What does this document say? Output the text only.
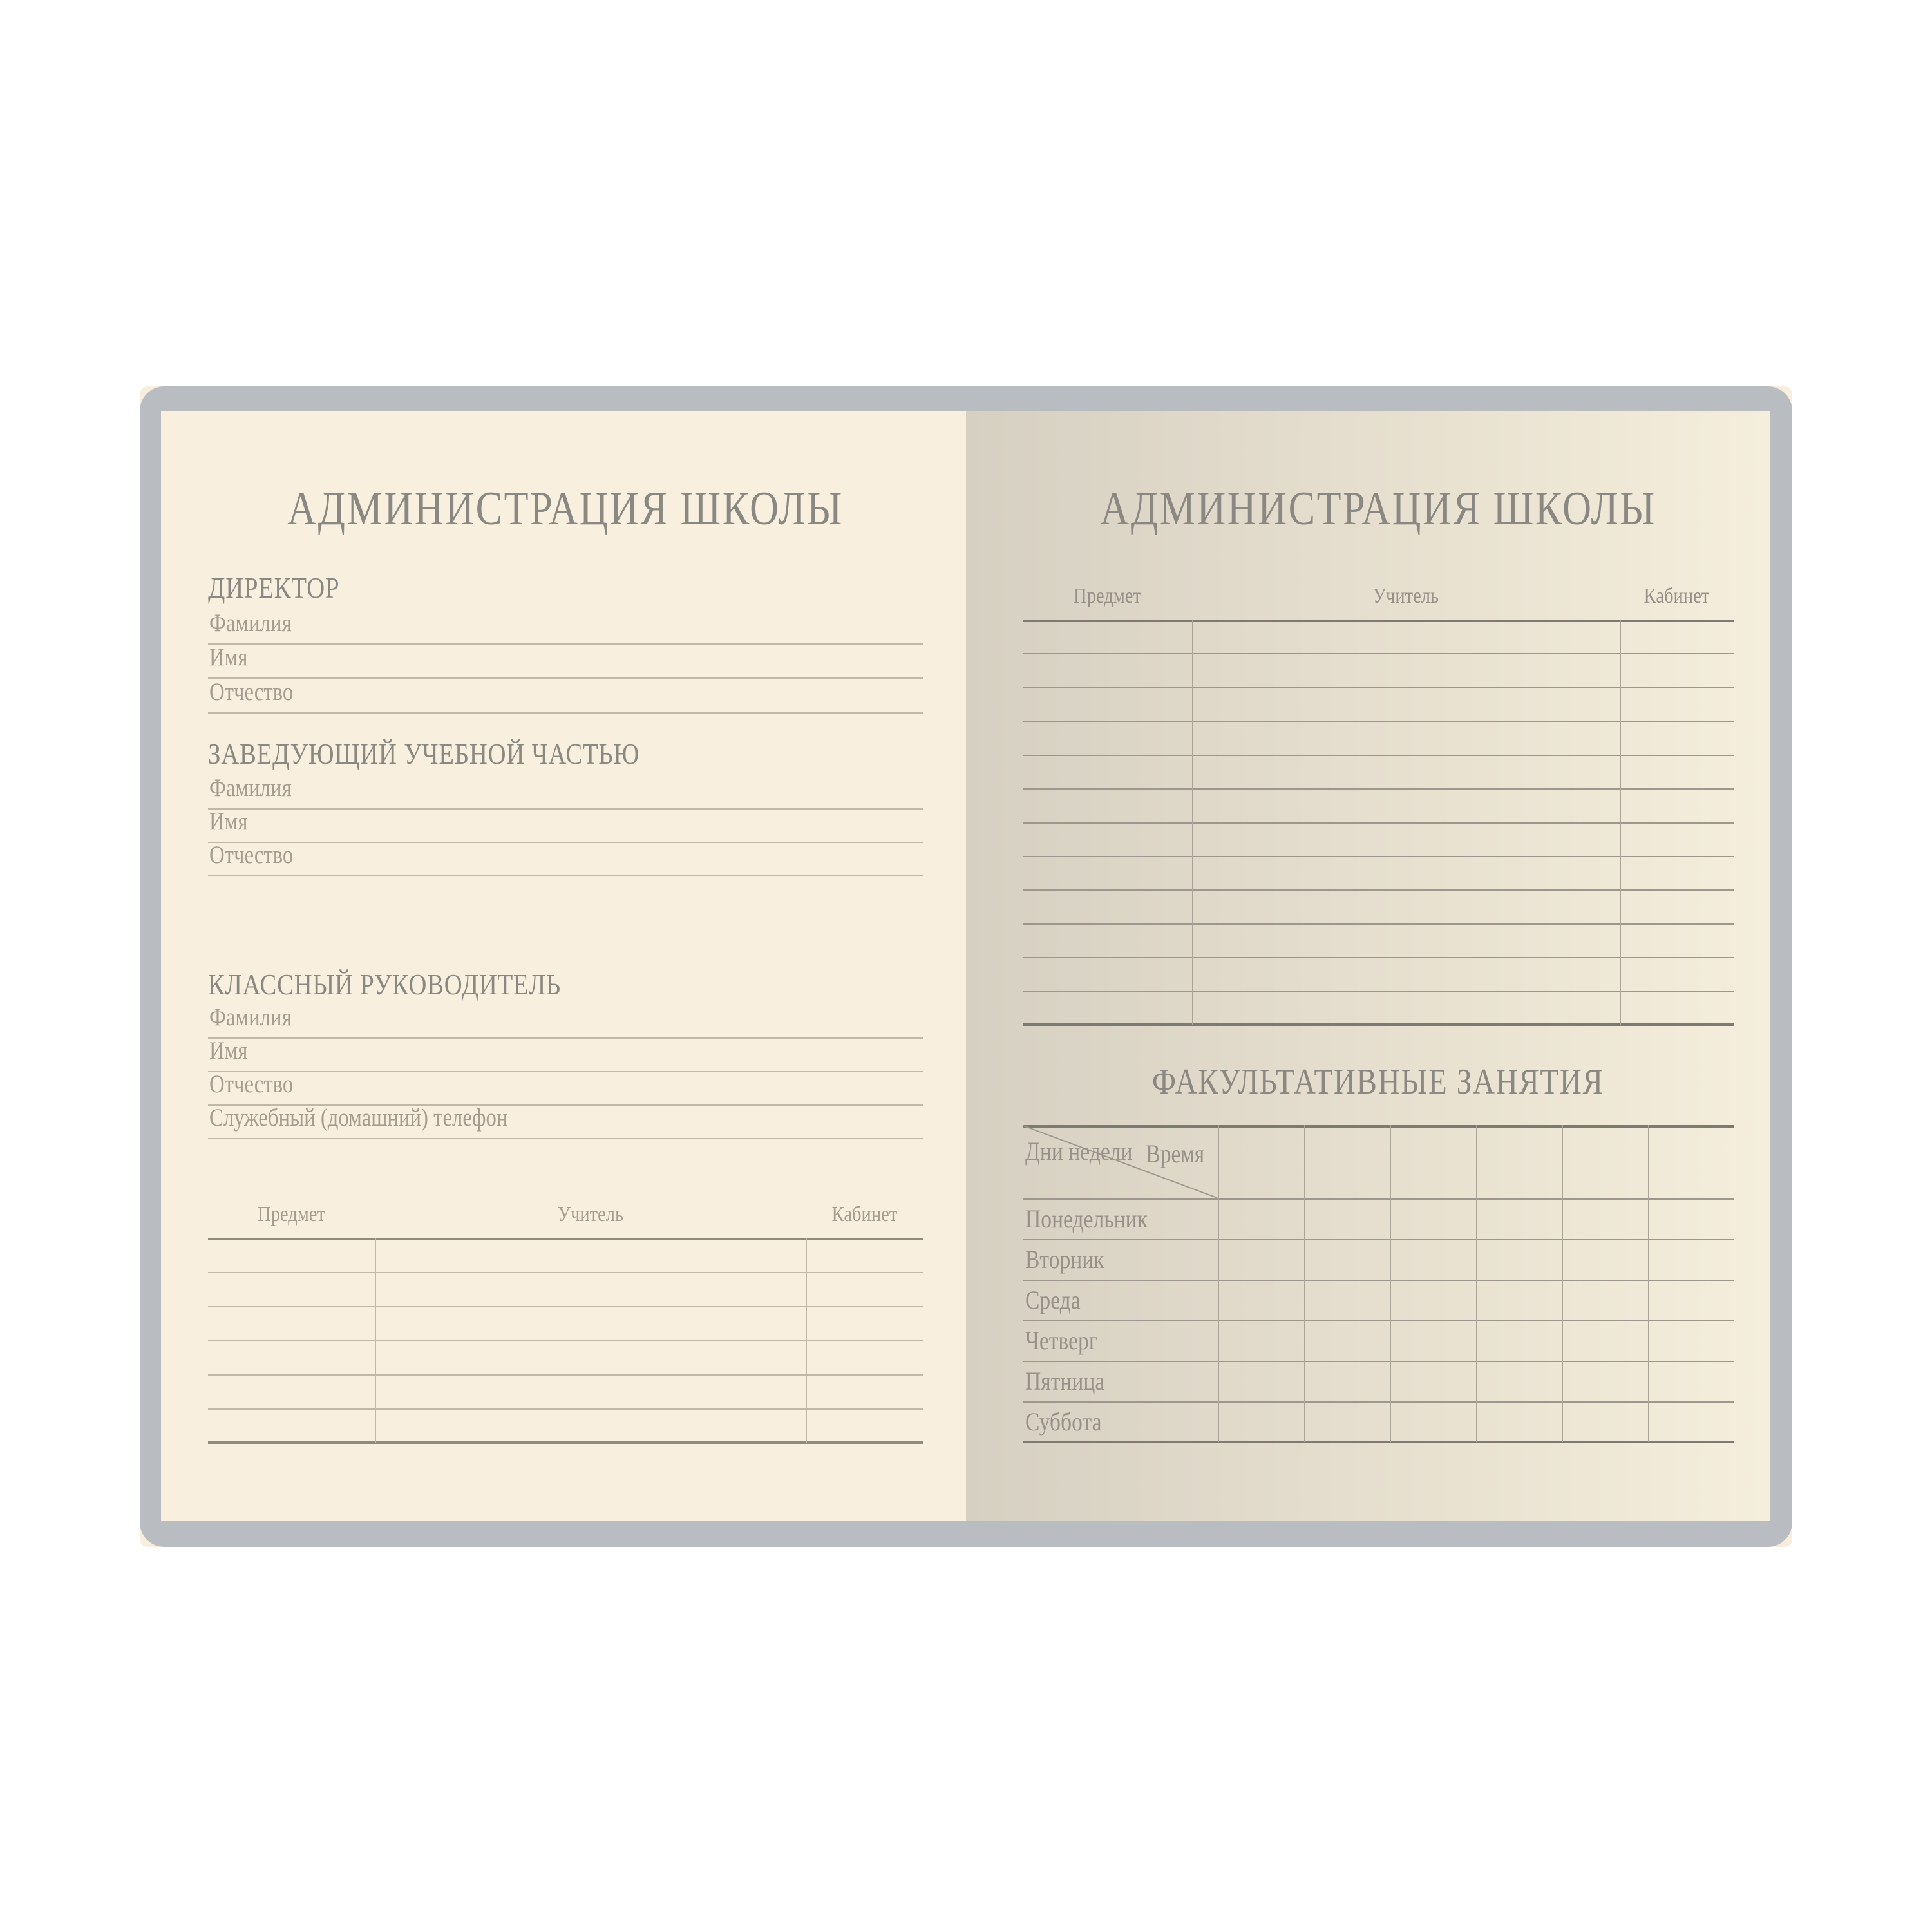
АДМИНИСТРАЦИЯ ШКОЛЫ
ДИРЕКТОР
Фамилия
Имя
Отчество
ЗАВЕДУЮЩИЙ УЧЕБНОЙ ЧАСТЬЮ
Фамилия
Имя
Отчество
КЛАССНЫЙ РУКОВОДИТЕЛЬ
Фамилия
Имя
Отчество
Служебный (домашний) телефон
Предмет	Учитель	Кабинет
АДМИНИСТРАЦИЯ ШКОЛЫ
Предмет	Учитель	Кабинет
ФАКУЛЬТАТИВНЫЕ ЗАНЯТИЯ
Дни недели Время
Понедельник
Вторник
Среда
Четверг
Пятница
Суббота
